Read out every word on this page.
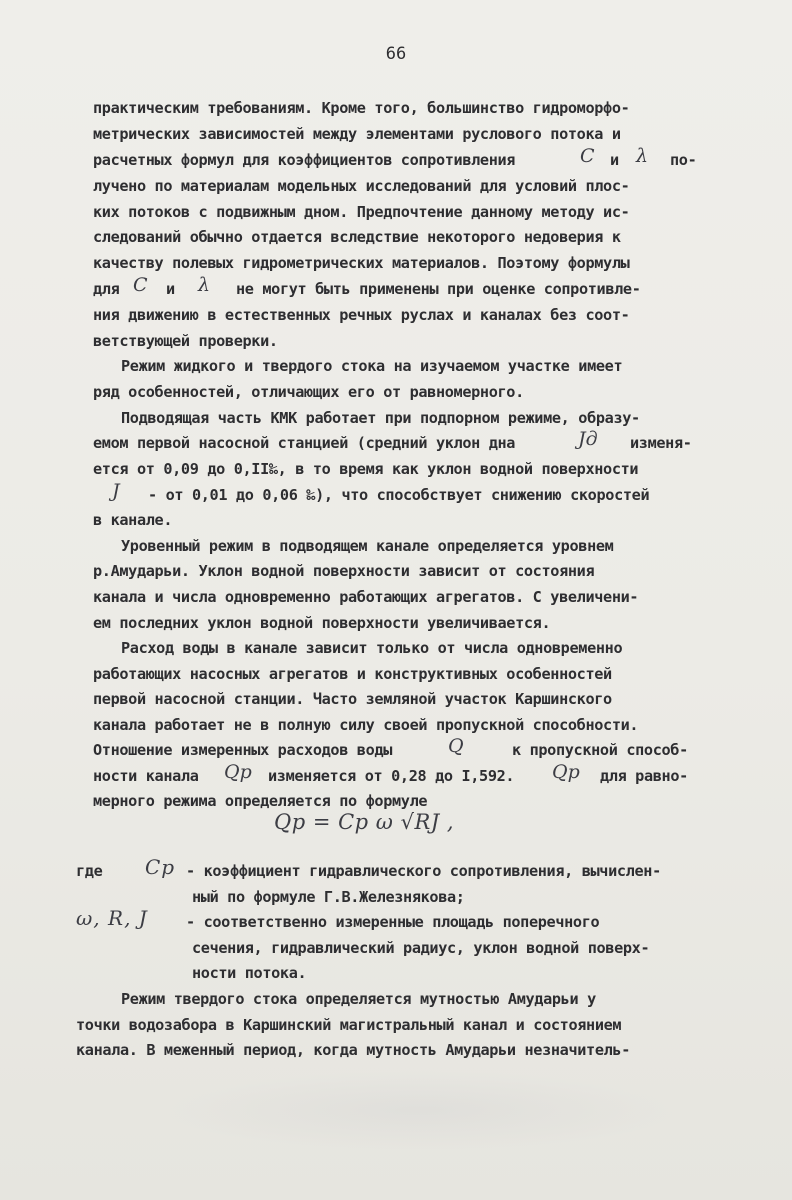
66
практическим требованиям. Кроме того, большинство гидроморфо-
метрических зависимостей между элементами руслового потока и
расчетных формул для коэффициентов сопротивления	C и λ по-
лучено по материалам модельных исследований для условий плос-
ких потоков с подвижным дном. Предпочтение данному методу ис-
следований обычно отдается вследствие некоторого недоверия к
качеству полевых гидрометрических материалов. Поэтому формулы
для C и λ не могут быть применены при оценке сопротивле-
ния движению в естественных речных руслах и каналах без соот-
ветствующей проверки.
Режим жидкого и твердого стока на изучаемом участке имеет
ряд особенностей, отличающих его от равномерного.
Подводящая часть КМК работает при подпорном режиме, образу-
емом первой насосной станцией (средний уклон дна	Jд изменя-
ется от 0,09 до 0,II‰, в то время как уклон водной поверхности
J - от 0,01 до 0,06 ‰), что способствует снижению скоростей
в канале.
Уровенный режим в подводящем канале определяется уровнем
р.Амударьи. Уклон водной поверхности зависит от состояния
канала и числа одновременно работающих агрегатов. С увеличени-
ем последних уклон водной поверхности увеличивается.
Расход воды в канале зависит только от числа одновременно
работающих насосных агрегатов и конструктивных особенностей
первой насосной станции. Часто земляной участок Каршинского
канала работает не в полную силу своей пропускной способности.
Отношение измеренных расходов воды	Q	к пропускной способ-
ности канала Qp изменяется от 0,28 до I,592. Qp для равно-
мерного режима определяется по формуле
Qp = Cp ω √RJ ,
где Cp - коэффициент гидравлического сопротивления, вычислен-
ный по формуле Г.В.Железнякова;
ω, R, J	- соответственно измеренные площадь поперечного
сечения, гидравлический радиус, уклон водной поверх-
ности потока.
Режим твердого стока определяется мутностью Амударьи у
точки водозабора в Каршинский магистральный канал и состоянием
канала. В меженный период, когда мутность Амударьи незначитель-
